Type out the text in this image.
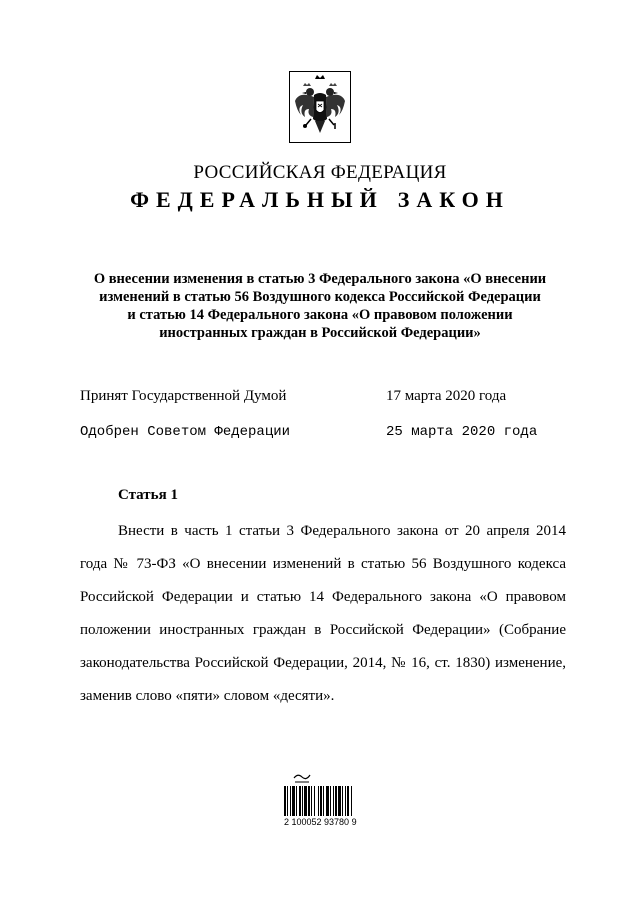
РОССИЙСКАЯ ФЕДЕРАЦИЯ
ФЕДЕРАЛЬНЫЙ ЗАКОН
О внесении изменения в статью 3 Федерального закона «О внесении
изменений в статью 56 Воздушного кодекса Российской Федерации
и статью 14 Федерального закона «О правовом положении
иностранных граждан в Российской Федерации»
Принят Государственной Думой	17 марта 2020 года
Одобрен Советом Федерации	25 марта 2020 года
Статья 1
Внести в часть 1 статьи 3 Федерального закона от 20 апреля 2014 года № 73-ФЗ «О внесении изменений в статью 56 Воздушного кодекса Российской Федерации и статью 14 Федерального закона «О правовом положении иностранных граждан в Российской Федерации» (Собрание законодательства Российской Федерации, 2014, № 16, ст. 1830) изменение, заменив слово «пяти» словом «десяти».
2 100052 93780 9
